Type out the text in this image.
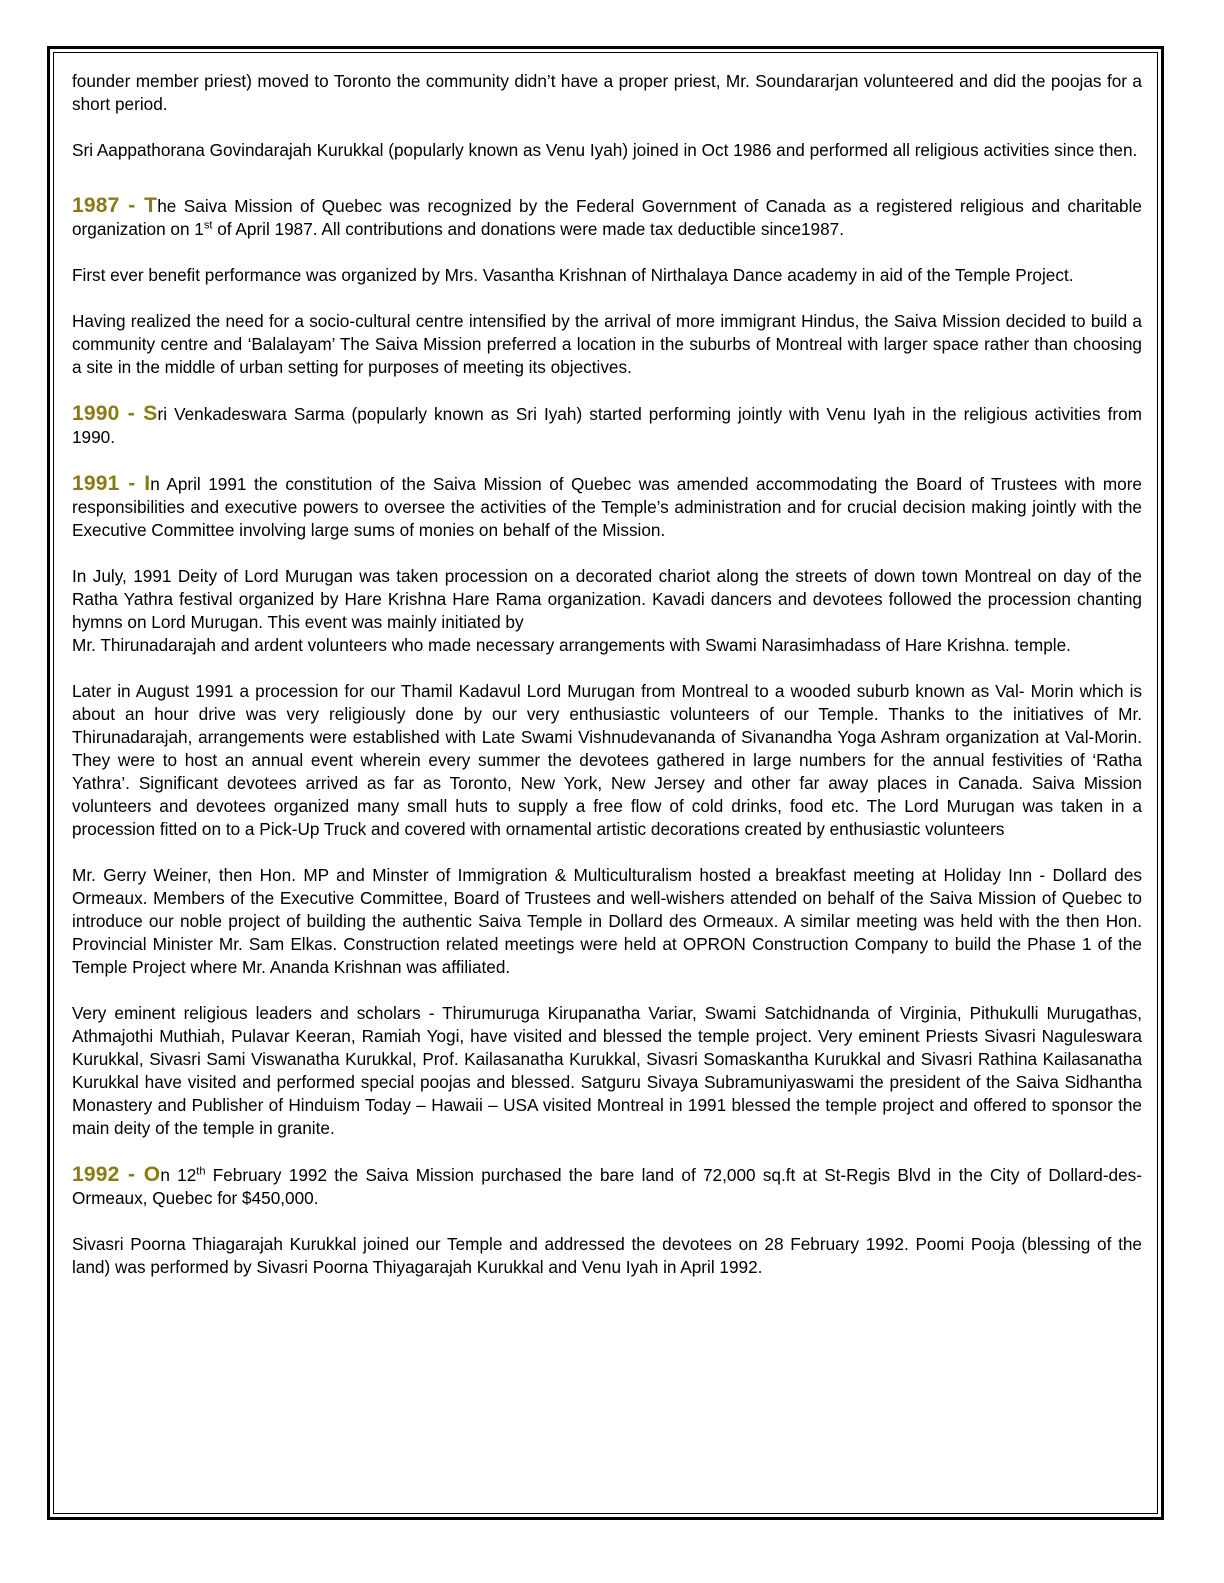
founder member priest) moved to Toronto the community didn’t have a proper priest, Mr. Soundararjan volunteered and did the poojas for a short period.

Sri Aappathorana Govindarajah Kurukkal (popularly known as Venu Iyah) joined in Oct 1986 and performed all religious activities since then.

1987 - The Saiva Mission of Quebec was recognized by the Federal Government of Canada as a registered religious and charitable organization on 1st of April 1987. All contributions and donations were made tax deductible since1987.

First ever benefit performance was organized by Mrs. Vasantha Krishnan of Nirthalaya Dance academy in aid of the Temple Project.

Having realized the need for a socio-cultural centre intensified by the arrival of more immigrant Hindus, the Saiva Mission decided to build a community centre and ‘Balalayam’ The Saiva Mission preferred a location in the suburbs of Montreal with larger space rather than choosing a site in the middle of urban setting for purposes of meeting its objectives.

1990 - Sri Venkadeswara Sarma (popularly known as Sri Iyah) started performing jointly with Venu Iyah in the religious activities from 1990.

1991 - In April 1991 the constitution of the Saiva Mission of Quebec was amended accommodating the Board of Trustees with more responsibilities and executive powers to oversee the activities of the Temple’s administration and for crucial decision making jointly with the Executive Committee involving large sums of monies on behalf of the Mission.

In July, 1991 Deity of Lord Murugan was taken procession on a decorated chariot along the streets of down town Montreal on day of the Ratha Yathra festival organized by Hare Krishna Hare Rama organization. Kavadi dancers and devotees followed the procession chanting hymns on Lord Murugan. This event was mainly initiated by
Mr. Thirunadarajah and ardent volunteers who made necessary arrangements with Swami Narasimhadass of Hare Krishna. temple.

Later in August 1991 a procession for our Thamil Kadavul Lord Murugan from Montreal to a wooded suburb known as Val- Morin which is about an hour drive was very religiously done by our very enthusiastic volunteers of our Temple. Thanks to the initiatives of Mr. Thirunadarajah, arrangements were established with Late Swami Vishnudevananda of Sivanandha Yoga Ashram organization at Val-Morin. They were to host an annual event wherein every summer the devotees gathered in large numbers for the annual festivities of ‘Ratha Yathra’. Significant devotees arrived as far as Toronto, New York, New Jersey and other far away places in Canada. Saiva Mission volunteers and devotees organized many small huts to supply a free flow of cold drinks, food etc. The Lord Murugan was taken in a procession fitted on to a Pick-Up Truck and covered with ornamental artistic decorations created by enthusiastic volunteers

Mr. Gerry Weiner, then Hon. MP and Minster of Immigration & Multiculturalism hosted a breakfast meeting at Holiday Inn - Dollard des Ormeaux. Members of the Executive Committee, Board of Trustees and well-wishers attended on behalf of the Saiva Mission of Quebec to introduce our noble project of building the authentic Saiva Temple in Dollard des Ormeaux. A similar meeting was held with the then Hon. Provincial Minister Mr. Sam Elkas. Construction related meetings were held at OPRON Construction Company to build the Phase 1 of the Temple Project where Mr. Ananda Krishnan was affiliated.

Very eminent religious leaders and scholars - Thirumuruga Kirupanatha Variar, Swami Satchidnanda of Virginia, Pithukulli Murugathas, Athmajothi Muthiah, Pulavar Keeran, Ramiah Yogi, have visited and blessed the temple project. Very eminent Priests Sivasri Naguleswara Kurukkal, Sivasri Sami Viswanatha Kurukkal, Prof. Kailasanatha Kurukkal, Sivasri Somaskantha Kurukkal and Sivasri Rathina Kailasanatha Kurukkal have visited and performed special poojas and blessed. Satguru Sivaya Subramuniyaswami the president of the Saiva Sidhantha Monastery and Publisher of Hinduism Today – Hawaii – USA visited Montreal in 1991 blessed the temple project and offered to sponsor the main deity of the temple in granite.

1992 - On 12th February 1992 the Saiva Mission purchased the bare land of 72,000 sq.ft at St-Regis Blvd in the City of Dollard-des-Ormeaux, Quebec for $450,000.

Sivasri Poorna Thiagarajah Kurukkal joined our Temple and addressed the devotees on 28 February 1992. Poomi Pooja (blessing of the land) was performed by Sivasri Poorna Thiyagarajah Kurukkal and Venu Iyah in April 1992.
